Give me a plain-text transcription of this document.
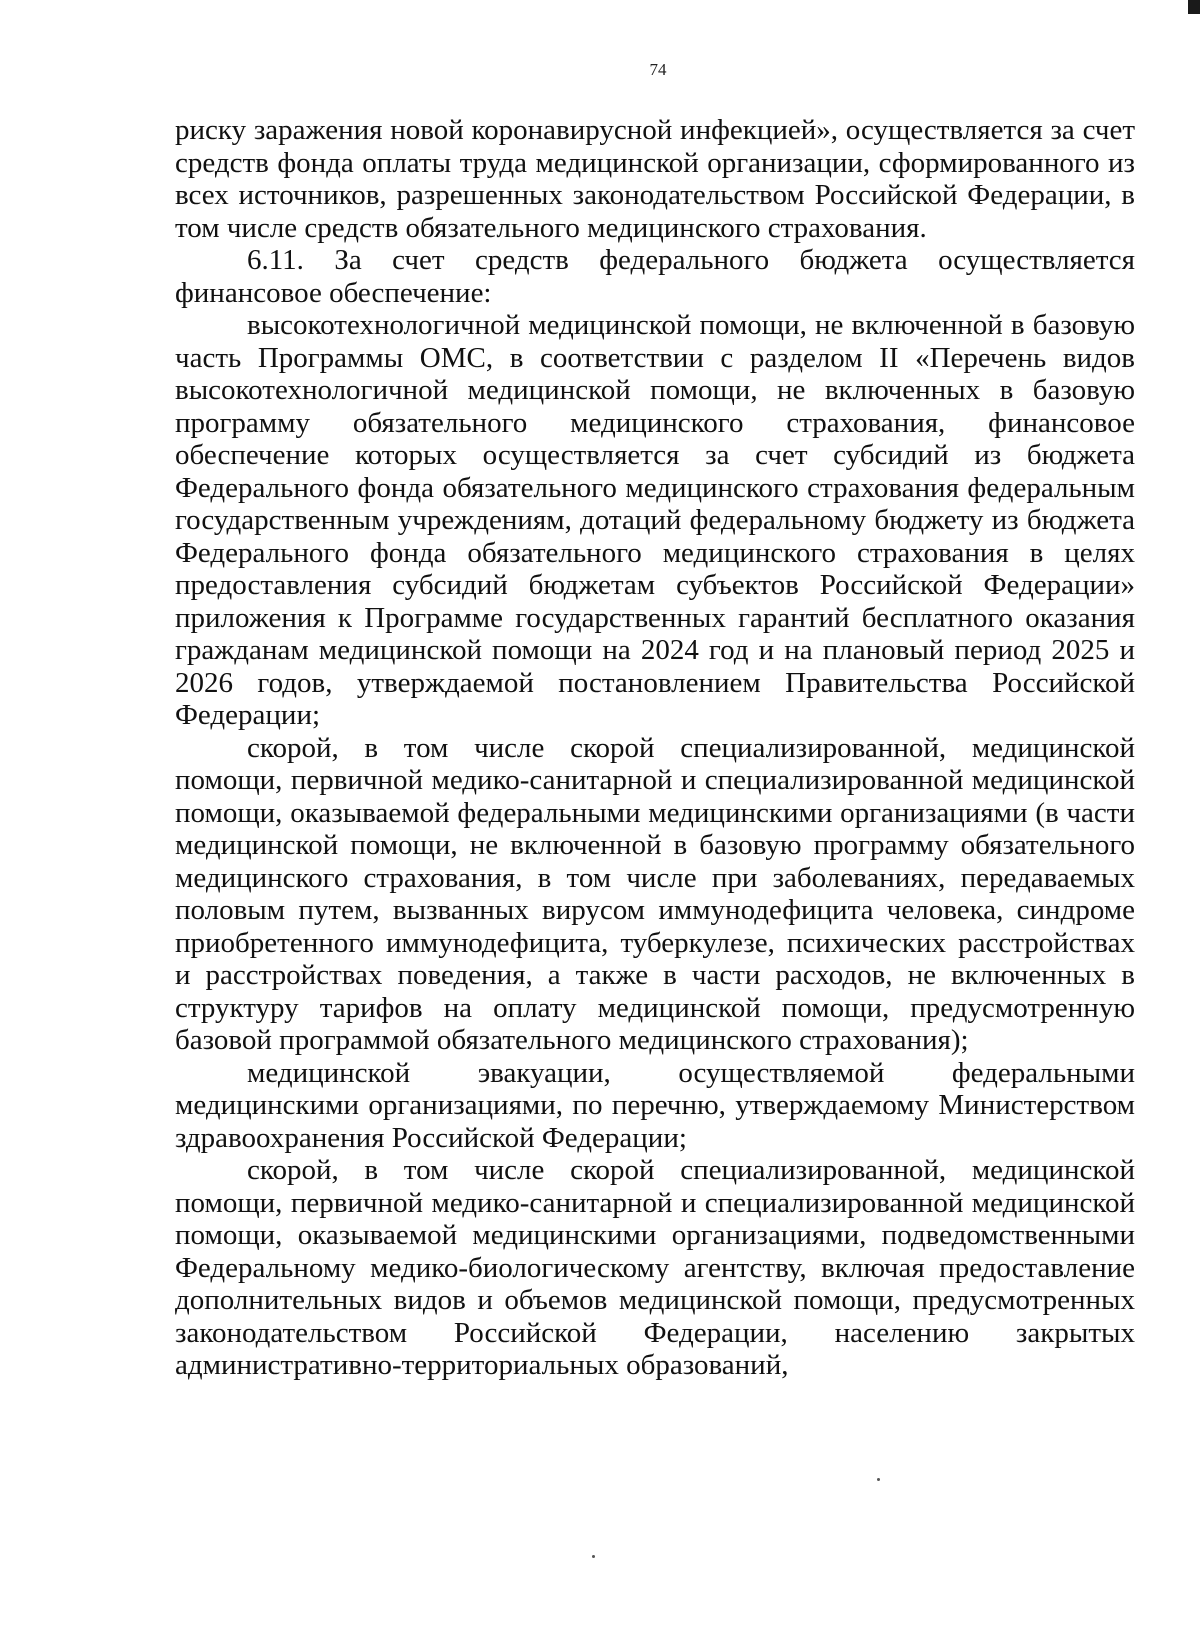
74

риску заражения новой коронавирусной инфекцией», осуществляется за счет средств фонда оплаты труда медицинской организации, сформированного из всех источников, разрешенных законодательством Российской Федерации, в том числе средств обязательного медицинского страхования.

6.11. За счет средств федерального бюджета осуществляется финансовое обеспечение:

высокотехнологичной медицинской помощи, не включенной в базовую часть Программы ОМС, в соответствии с разделом II «Перечень видов высокотехнологичной медицинской помощи, не включенных в базовую программу обязательного медицинского страхования, финансовое обеспечение которых осуществляется за счет субсидий из бюджета Федерального фонда обязательного медицинского страхования федеральным государственным учреждениям, дотаций федеральному бюджету из бюджета Федерального фонда обязательного медицинского страхования в целях предоставления субсидий бюджетам субъектов Российской Федерации» приложения к Программе государственных гарантий бесплатного оказания гражданам медицинской помощи на 2024 год и на плановый период 2025 и 2026 годов, утверждаемой постановлением Правительства Российской Федерации;

скорой, в том числе скорой специализированной, медицинской помощи, первичной медико-санитарной и специализированной медицинской помощи, оказываемой федеральными медицинскими организациями (в части медицинской помощи, не включенной в базовую программу обязательного медицинского страхования, в том числе при заболеваниях, передаваемых половым путем, вызванных вирусом иммунодефицита человека, синдроме приобретенного иммунодефицита, туберкулезе, психических расстройствах и расстройствах поведения, а также в части расходов, не включенных в структуру тарифов на оплату медицинской помощи, предусмотренную базовой программой обязательного медицинского страхования);

медицинской эвакуации, осуществляемой федеральными медицинскими организациями, по перечню, утверждаемому Министерством здравоохранения Российской Федерации;

скорой, в том числе скорой специализированной, медицинской помощи, первичной медико-санитарной и специализированной медицинской помощи, оказываемой медицинскими организациями, подведомственными Федеральному медико-биологическому агентству, включая предоставление дополнительных видов и объемов медицинской помощи, предусмотренных законодательством Российской Федерации, населению закрытых административно-территориальных образований,
